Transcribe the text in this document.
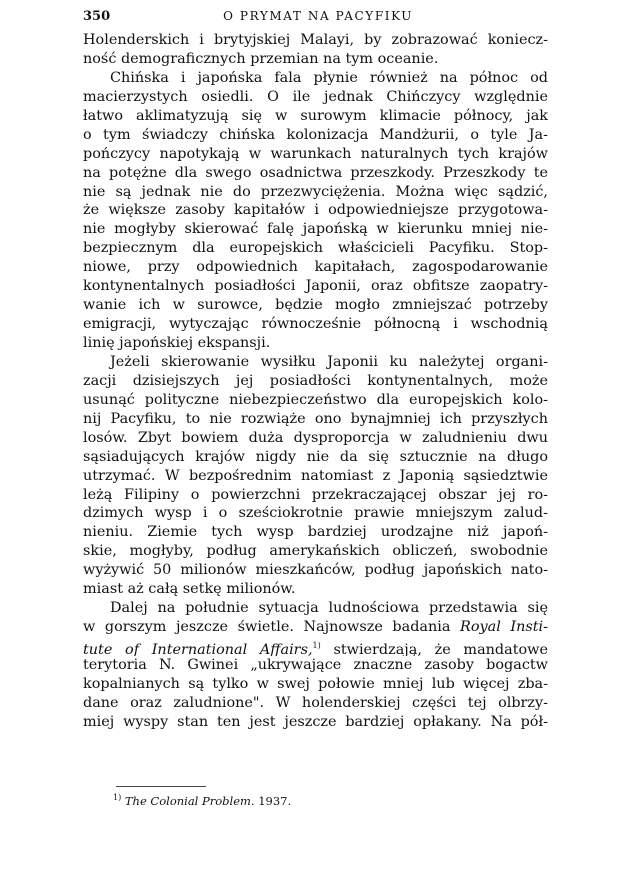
350	O PRYMAT NA PACYFIKU
Holenderskich i brytyjskiej Malayi, by zobrazować koniecz-
ność demograficznych przemian na tym oceanie.
Chińska i japońska fala płynie również na północ od
macierzystych osiedli. O ile jednak Chińczycy względnie
łatwo aklimatyzują się w surowym klimacie północy, jak
o tym świadczy chińska kolonizacja Mandżurii, o tyle Ja-
pończycy napotykają w warunkach naturalnych tych krajów
na potężne dla swego osadnictwa przeszkody. Przeszkody te
nie są jednak nie do przezwyciężenia. Można więc sądzić,
że większe zasoby kapitałów i odpowiedniejsze przygotowa-
nie mogłyby skierować falę japońską w kierunku mniej nie-
bezpiecznym dla europejskich właścicieli Pacyfiku. Stop-
niowe, przy odpowiednich kapitałach, zagospodarowanie
kontynentalnych posiadłości Japonii, oraz obfitsze zaopatry-
wanie ich w surowce, będzie mogło zmniejszać potrzeby
emigracji, wytyczając równocześnie północną i wschodnią
linię japońskiej ekspansji.
Jeżeli skierowanie wysiłku Japonii ku należytej organi-
zacji dzisiejszych jej posiadłości kontynentalnych, może
usunąć polityczne niebezpieczeństwo dla europejskich kolo-
nij Pacyfiku, to nie rozwiąże ono bynajmniej ich przyszłych
losów. Zbyt bowiem duża dysproporcja w zaludnieniu dwu
sąsiadujących krajów nigdy nie da się sztucznie na długo
utrzymać. W bezpośrednim natomiast z Japonią sąsiedztwie
leżą Filipiny o powierzchni przekraczającej obszar jej ro-
dzimych wysp i o sześciokrotnie prawie mniejszym zalud-
nieniu. Ziemie tych wysp bardziej urodzajne niż japoń-
skie, mogłyby, podług amerykańskich obliczeń, swobodnie
wyżywić 50 milionów mieszkańców, podług japońskich nato-
miast aż całą setkę milionów.
Dalej na południe sytuacja ludnościowa przedstawia się
w gorszym jeszcze świetle. Najnowsze badania Royal Insti-
tute of International Affairs,$^{1)}$ stwierdzają, że mandatowe
terytoria N. Gwinei „ukrywające znaczne zasoby bogactw
kopalnianych są tylko w swej połowie mniej lub więcej zba-
dane oraz zaludnione". W holenderskiej części tej olbrzy-
miej wyspy stan ten jest jeszcze bardziej opłakany. Na pół-
$^{1)}$ The Colonial Problem. 1937.
